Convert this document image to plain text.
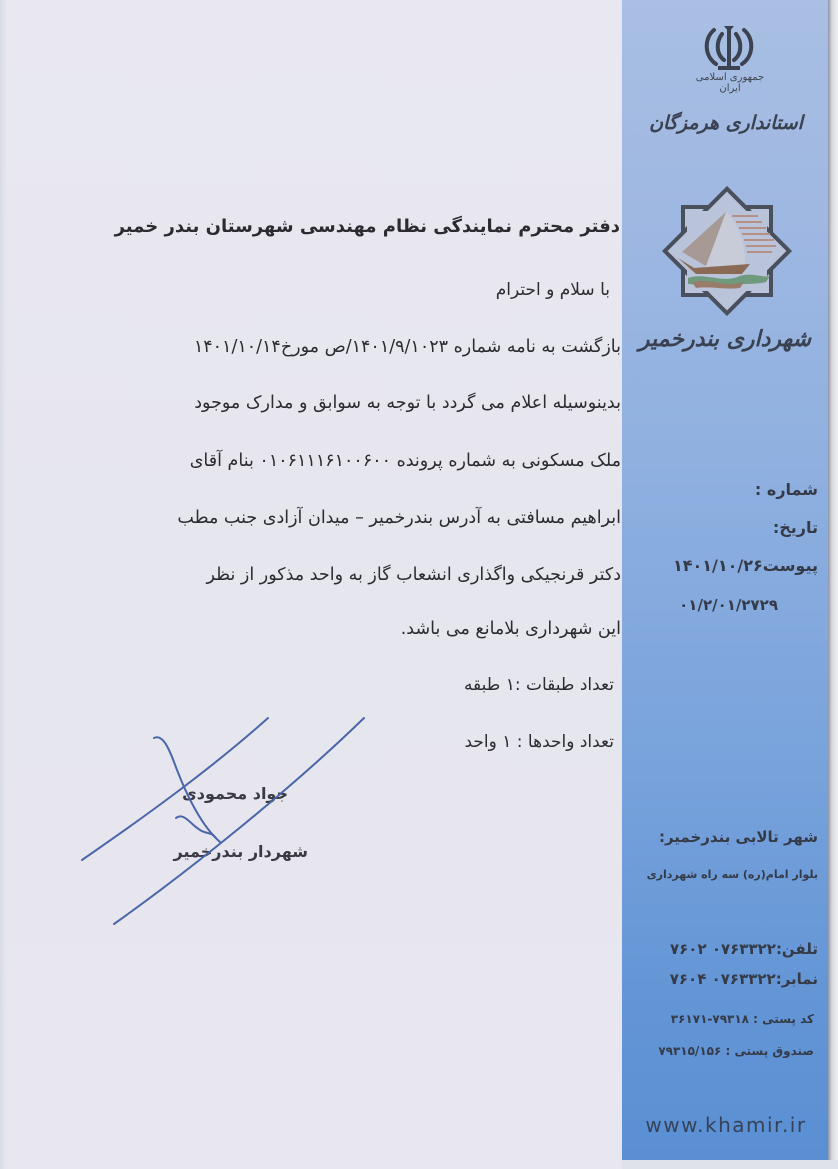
جمهوری اسلامی ایران
استانداری هرمزگان
شهرداری بندرخمیر
شماره :
تاریخ:
پیوست۱۴۰۱/۱۰/۲۶
۰۱/۲/۰۱/۲۷۲۹
شهر تالابی بندرخمیر:
بلوار امام(ره) سه راه شهرداری
تلفن:۰۷۶۳۳۲۲ ۷۶۰۲
نمابر:۰۷۶۳۳۲۲ ۷۶۰۴
کد پستی : ۷۹۳۱۸-۳۶۱۷۱
صندوق پستی : ۷۹۳۱۵/۱۵۶
www.khamir.ir
دفتر محترم نمایندگی نظام مهندسی شهرستان بندر خمیر
با سلام و احترام
بازگشت به نامه شماره ۱۴۰۱/۹/۱۰۲۳/ص مورخ۱۴۰۱/۱۰/۱۴
بدینوسیله اعلام می گردد با توجه به سوابق و مدارک موجود
ملک مسکونی به شماره پرونده ۰۱۰۶۱۱۱۶۱۰۰۶۰۰ بنام آقای
ابراهیم مسافتی به آدرس بندرخمیر – میدان آزادی جنب مطب
دکتر قرنجیکی واگذاری انشعاب گاز به واحد مذکور از نظر
این شهرداری بلامانع می باشد.
تعداد طبقات :۱ طبقه
تعداد واحدها : ۱ واحد
جواد محمودی
شهردار بندرخمیر
